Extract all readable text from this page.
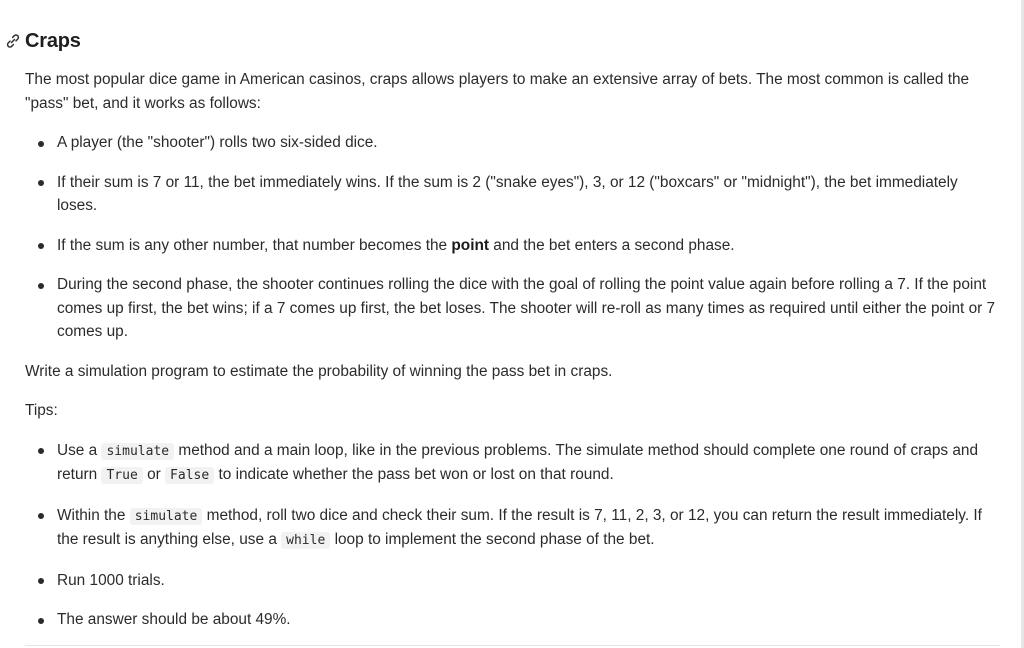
Craps

The most popular dice game in American casinos, craps allows players to make an extensive array of bets. The most common is called the "pass" bet, and it works as follows:

A player (the "shooter") rolls two six-sided dice.
If their sum is 7 or 11, the bet immediately wins. If the sum is 2 ("snake eyes"), 3, or 12 ("boxcars" or "midnight"), the bet immediately loses.
If the sum is any other number, that number becomes the point and the bet enters a second phase.
During the second phase, the shooter continues rolling the dice with the goal of rolling the point value again before rolling a 7. If the point comes up first, the bet wins; if a 7 comes up first, the bet loses. The shooter will re-roll as many times as required until either the point or 7 comes up.

Write a simulation program to estimate the probability of winning the pass bet in craps.

Tips:

Use a simulate method and a main loop, like in the previous problems. The simulate method should complete one round of craps and return True or False to indicate whether the pass bet won or lost on that round.
Within the simulate method, roll two dice and check their sum. If the result is 7, 11, 2, 3, or 12, you can return the result immediately. If the result is anything else, use a while loop to implement the second phase of the bet.
Run 1000 trials.
The answer should be about 49%.
